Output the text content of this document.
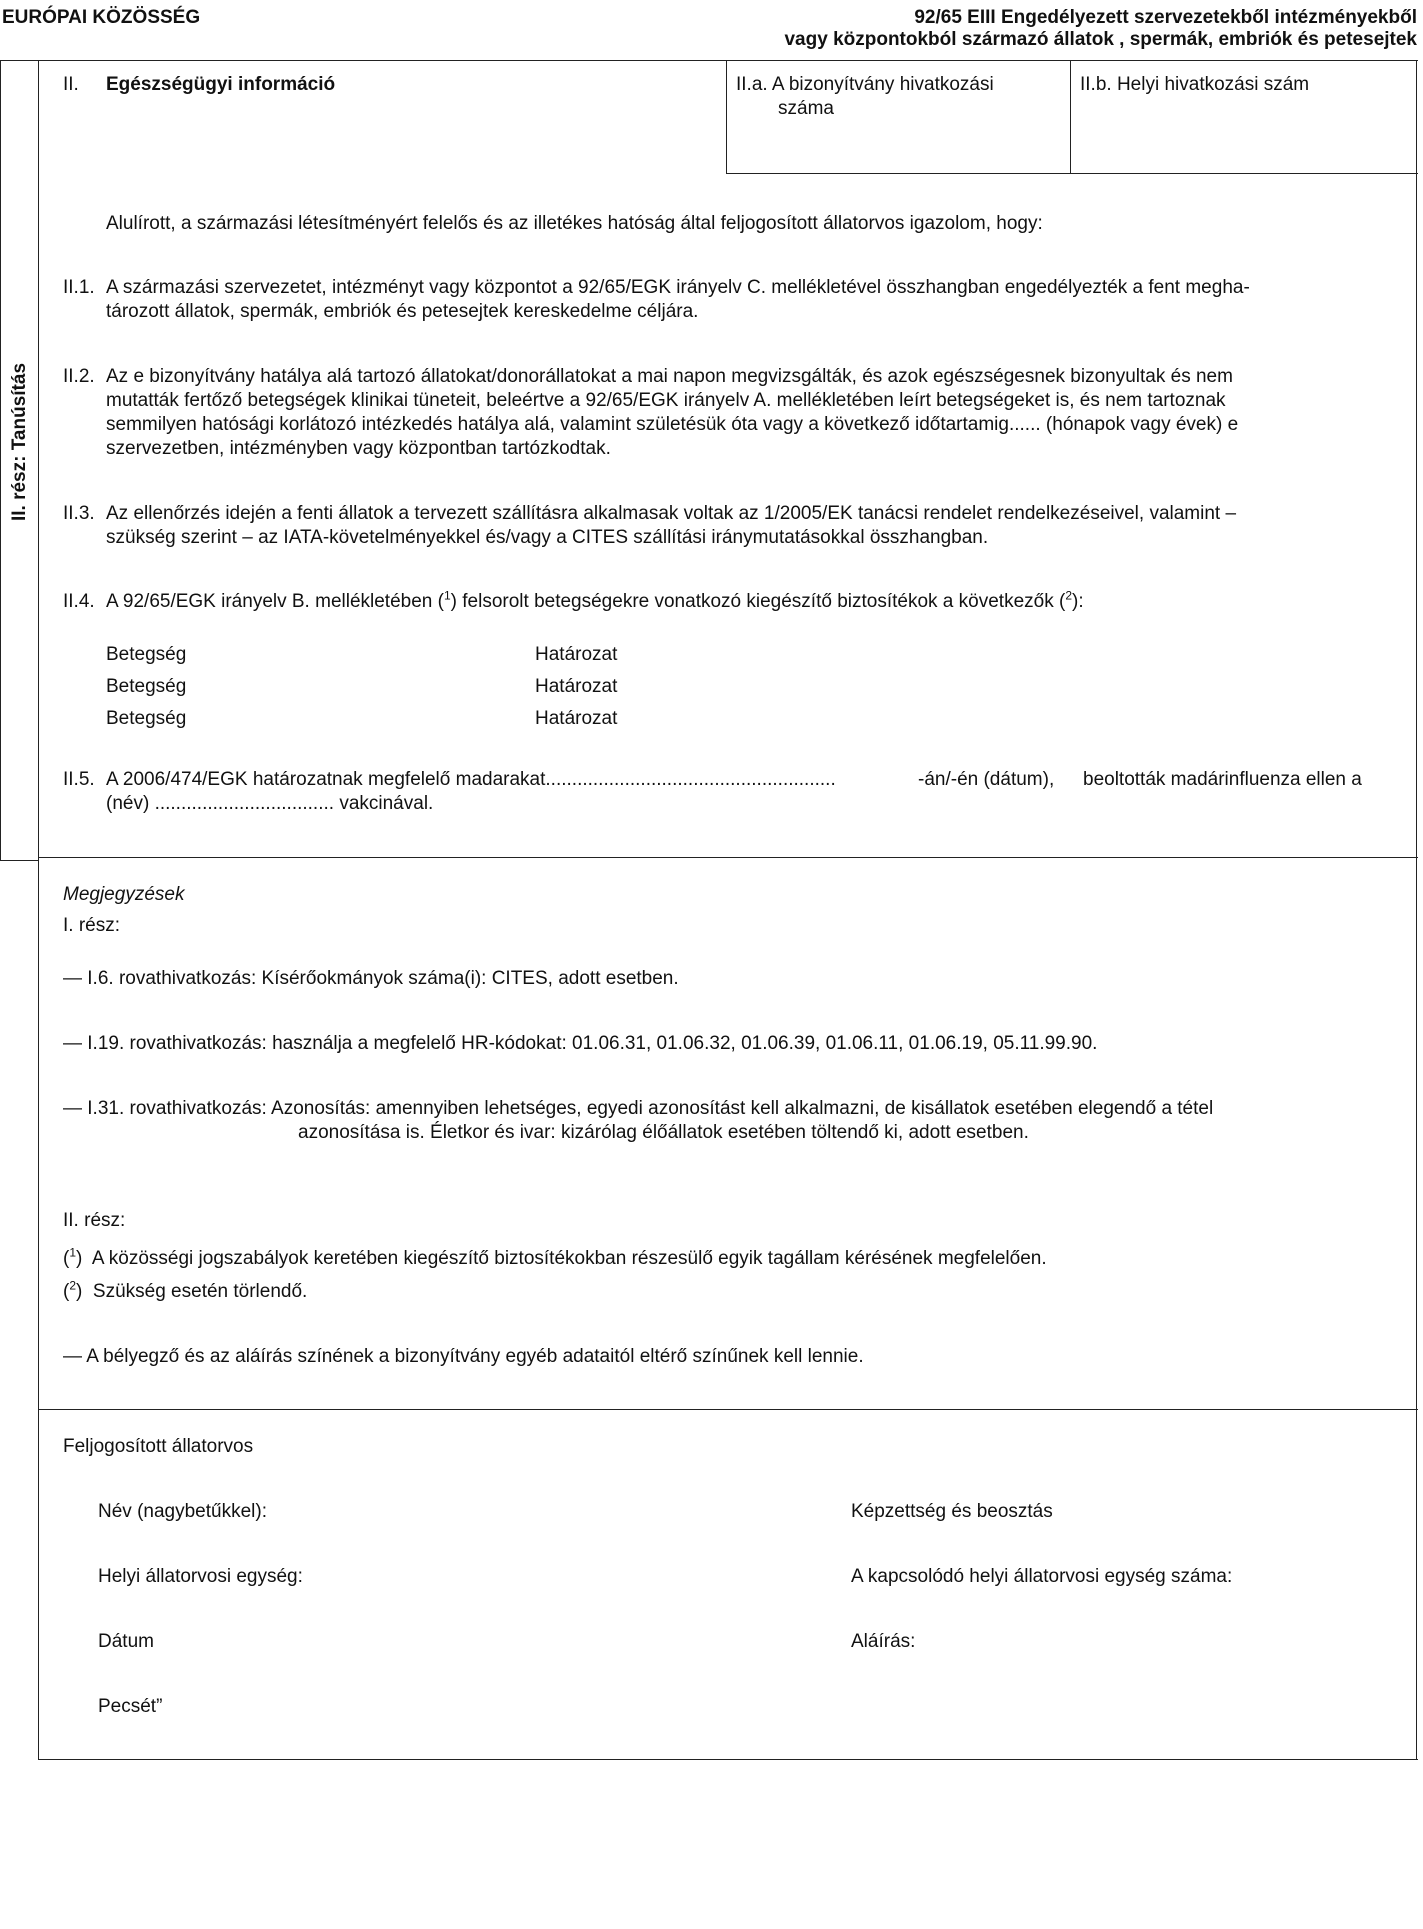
EURÓPAI KÖZÖSSÉG	92/65 EIII Engedélyezett szervezetekből intézményekből
vagy központokból származó állatok , spermák, embriók és petesejtek
II. rész: Tanúsítás
II. Egészségügyi információ	II.a. A bizonyítvány hivatkozási
száma
II.b. Helyi hivatkozási szám
Alulírott, a származási létesítményért felelős és az illetékes hatóság által feljogosított állatorvos igazolom, hogy:
II.1. A származási szervezetet, intézményt vagy központot a 92/65/EGK irányelv C. mellékletével összhangban engedélyezték a fent megha-
tározott állatok, spermák, embriók és petesejtek kereskedelme céljára.
II.2. Az e bizonyítvány hatálya alá tartozó állatokat/donorállatokat a mai napon megvizsgálták, és azok egészségesnek bizonyultak és nem
mutatták fertőző betegségek klinikai tüneteit, beleértve a 92/65/EGK irányelv A. mellékletében leírt betegségeket is, és nem tartoznak
semmilyen hatósági korlátozó intézkedés hatálya alá, valamint születésük óta vagy a következő időtartamig...... (hónapok vagy évek) e
szervezetben, intézményben vagy központban tartózkodtak.
II.3. Az ellenőrzés idején a fenti állatok a tervezett szállításra alkalmasak voltak az 1/2005/EK tanácsi rendelet rendelkezéseivel, valamint –
szükség szerint – az IATA-követelményekkel és/vagy a CITES szállítási iránymutatásokkal összhangban.
II.4. A 92/65/EGK irányelv B. mellékletében ($^1$) felsorolt betegségekre vonatkozó kiegészítő biztosítékok a következők ($^2$):
Betegség	Határozat
Betegség	Határozat
Betegség	Határozat
II.5. A 2006/474/EGK határozatnak megfelelő madarakat.......................................................	-án/-én (dátum), beoltották madárinfluenza ellen a
(név) .................................. vakcinával.
Megjegyzések
I. rész:
— I.6. rovathivatkozás: Kísérőokmányok száma(i): CITES, adott esetben.
— I.19. rovathivatkozás: használja a megfelelő HR-kódokat: 01.06.31, 01.06.32, 01.06.39, 01.06.11, 01.06.19, 05.11.99.90.
— I.31. rovathivatkozás: Azonosítás: amennyiben lehetséges, egyedi azonosítást kell alkalmazni, de kisállatok esetében elegendő a tétel
azonosítása is. Életkor és ivar: kizárólag élőállatok esetében töltendő ki, adott esetben.
II. rész:
($^1$)  A közösségi jogszabályok keretében kiegészítő biztosítékokban részesülő egyik tagállam kérésének megfelelően.
($^2$)  Szükség esetén törlendő.
— A bélyegző és az aláírás színének a bizonyítvány egyéb adataitól eltérő színűnek kell lennie.
Feljogosított állatorvos
Név (nagybetűkkel):	Képzettség és beosztás
Helyi állatorvosi egység:	A kapcsolódó helyi állatorvosi egység száma:
Dátum	Aláírás:
Pecsét”
